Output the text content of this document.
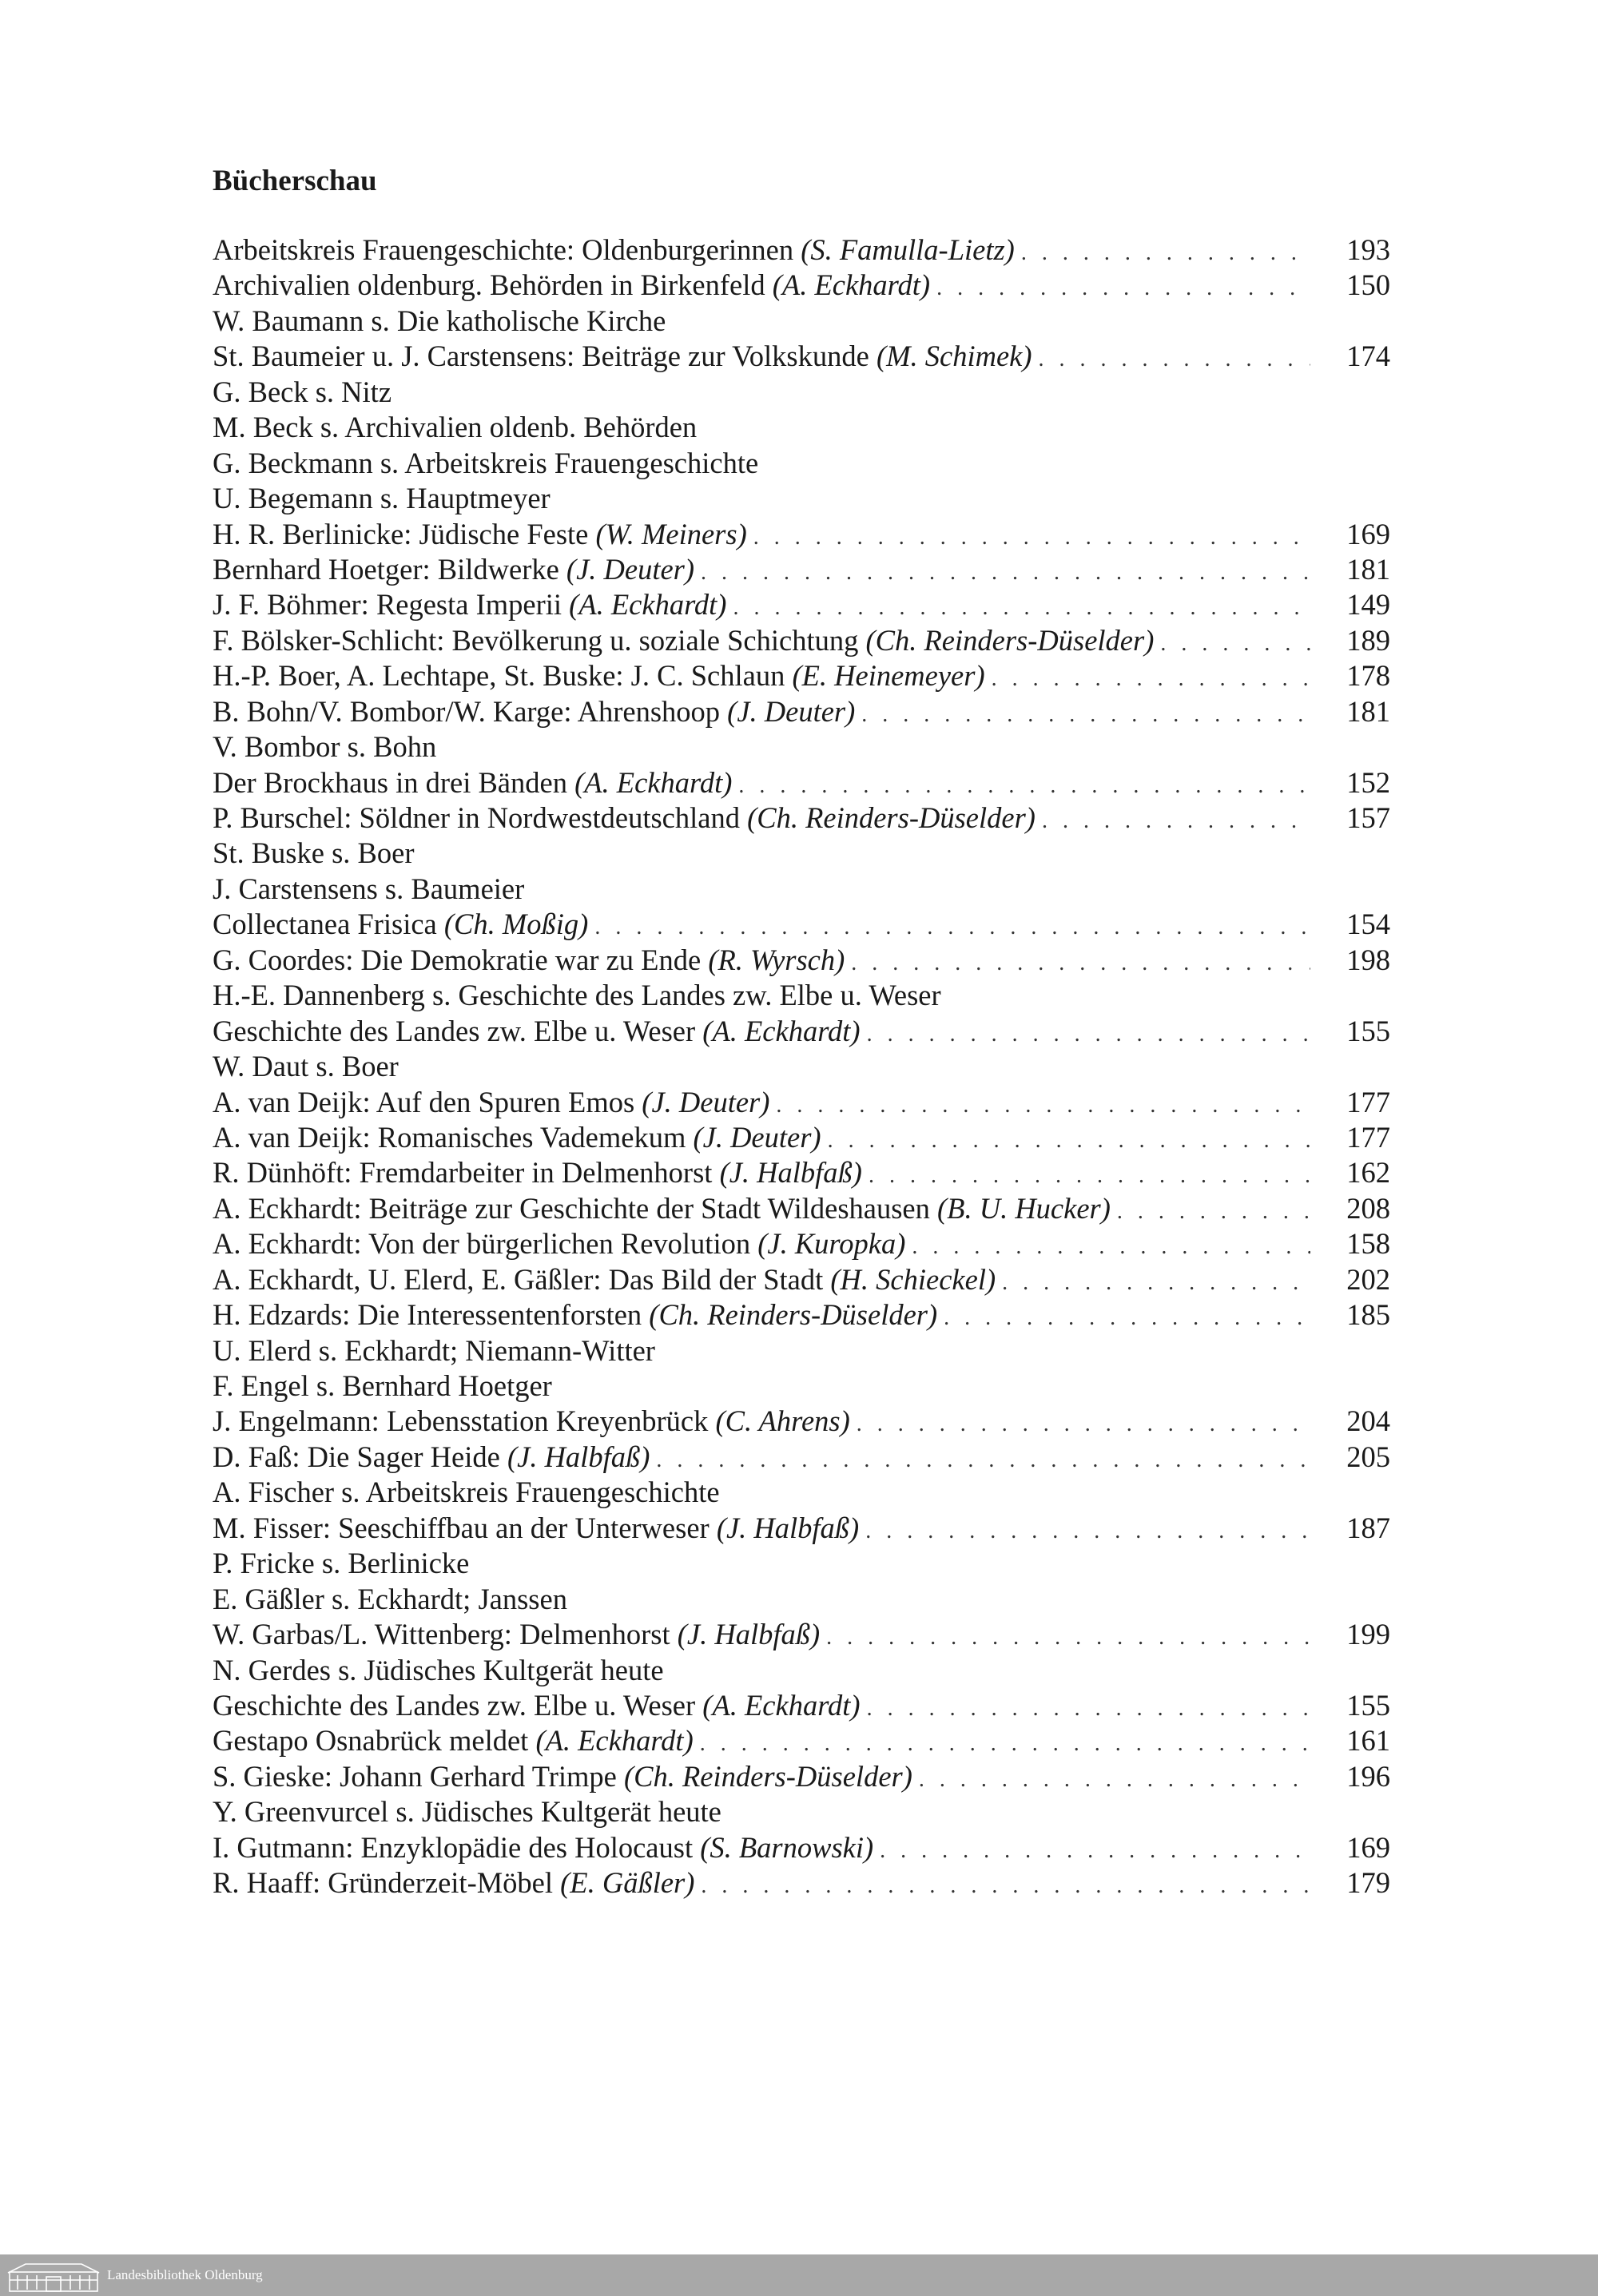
Bücherschau
Arbeitskreis Frauengeschichte: Oldenburgerinnen (S. Famulla-Lietz) . . .	193
Archivalien oldenburg. Behörden in Birkenfeld (A. Eckhardt) . . .	150
W. Baumann s. Die katholische Kirche
St. Baumeier u. J. Carstensens: Beiträge zur Volkskunde (M. Schimek) . . .	174
G. Beck s. Nitz
M. Beck s. Archivalien oldenb. Behörden
G. Beckmann s. Arbeitskreis Frauengeschichte
U. Begemann s. Hauptmeyer
H. R. Berlinicke: Jüdische Feste (W. Meiners) . . .	169
Bernhard Hoetger: Bildwerke (J. Deuter) . . .	181
J. F. Böhmer: Regesta Imperii (A. Eckhardt) . . .	149
F. Bölsker-Schlicht: Bevölkerung u. soziale Schichtung (Ch. Reinders-Düselder) . . .	189
H.-P. Boer, A. Lechtape, St. Buske: J. C. Schlaun (E. Heinemeyer) . . .	178
B. Bohn/V. Bombor/W. Karge: Ahrenshoop (J. Deuter) . . .	181
V. Bombor s. Bohn
Der Brockhaus in drei Bänden (A. Eckhardt) . . .	152
P. Burschel: Söldner in Nordwestdeutschland (Ch. Reinders-Düselder) . . .	157
St. Buske s. Boer
J. Carstensens s. Baumeier
Collectanea Frisica (Ch. Moßig) . . .	154
G. Coordes: Die Demokratie war zu Ende (R. Wyrsch) . . .	198
H.-E. Dannenberg s. Geschichte des Landes zw. Elbe u. Weser
Geschichte des Landes zw. Elbe u. Weser (A. Eckhardt) . . .	155
W. Daut s. Boer
A. van Deijk: Auf den Spuren Emos (J. Deuter) . . .	177
A. van Deijk: Romanisches Vademekum (J. Deuter) . . .	177
R. Dünhöft: Fremdarbeiter in Delmenhorst (J. Halbfaß) . . .	162
A. Eckhardt: Beiträge zur Geschichte der Stadt Wildeshausen (B. U. Hucker) . . .	208
A. Eckhardt: Von der bürgerlichen Revolution (J. Kuropka) . . .	158
A. Eckhardt, U. Elerd, E. Gäßler: Das Bild der Stadt (H. Schieckel) . . .	202
H. Edzards: Die Interessentenforsten (Ch. Reinders-Düselder) . . .	185
U. Elerd s. Eckhardt; Niemann-Witter
F. Engel s. Bernhard Hoetger
J. Engelmann: Lebensstation Kreyenbrück (C. Ahrens) . . .	204
D. Faß: Die Sager Heide (J. Halbfaß) . . .	205
A. Fischer s. Arbeitskreis Frauengeschichte
M. Fisser: Seeschiffbau an der Unterweser (J. Halbfaß) . . .	187
P. Fricke s. Berlinicke
E. Gäßler s. Eckhardt; Janssen
W. Garbas/L. Wittenberg: Delmenhorst (J. Halbfaß) . . .	199
N. Gerdes s. Jüdisches Kultgerät heute
Geschichte des Landes zw. Elbe u. Weser (A. Eckhardt) . . .	155
Gestapo Osnabrück meldet (A. Eckhardt) . . .	161
S. Gieske: Johann Gerhard Trimpe (Ch. Reinders-Düselder) . . .	196
Y. Greenvurcel s. Jüdisches Kultgerät heute
I. Gutmann: Enzyklopädie des Holocaust (S. Barnowski) . . .	169
R. Haaff: Gründerzeit-Möbel (E. Gäßler) . . .	179
Landesbibliothek Oldenburg
